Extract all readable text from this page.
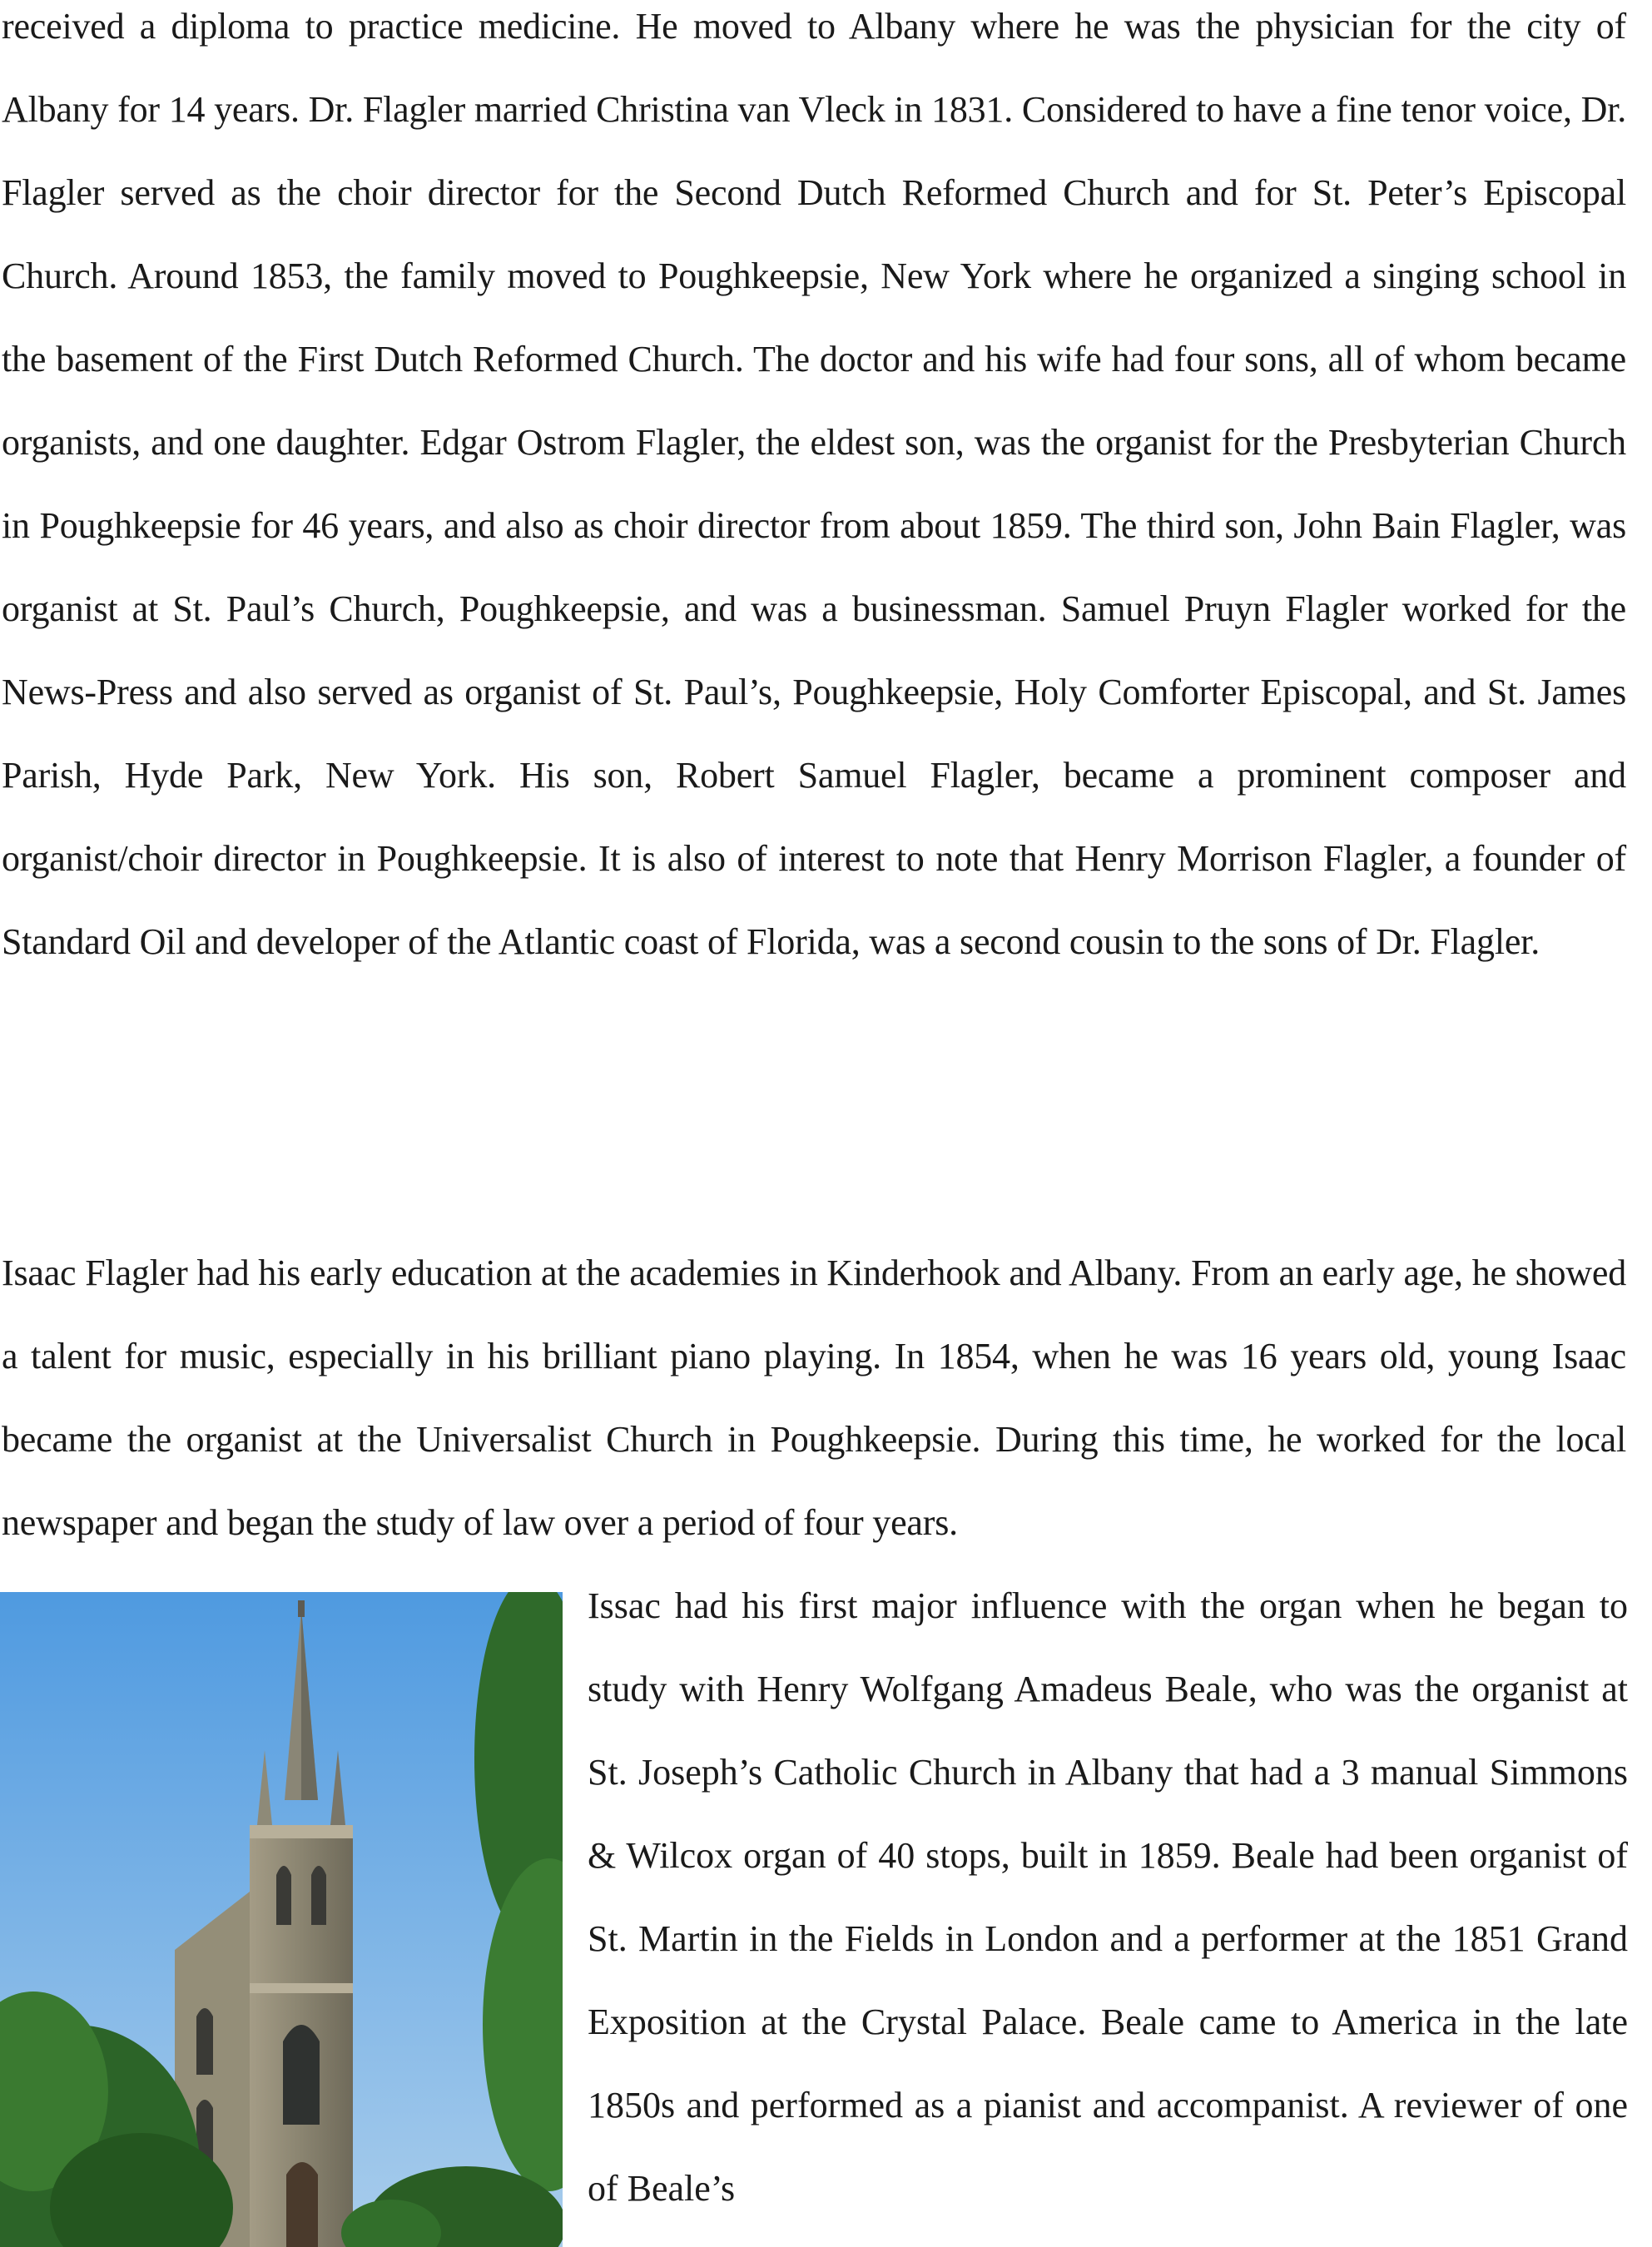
received a diploma to practice medicine. He moved to Albany where he was the physician for the city of Albany for 14 years. Dr. Flagler married Christina van Vleck in 1831. Considered to have a fine tenor voice, Dr. Flagler served as the choir director for the Second Dutch Reformed Church and for St. Peter’s Episcopal Church. Around 1853, the family moved to Poughkeepsie, New York where he organized a singing school in the basement of the First Dutch Reformed Church. The doctor and his wife had four sons, all of whom became organists, and one daughter. Edgar Ostrom Flagler, the eldest son, was the organist for the Presbyterian Church in Poughkeepsie for 46 years, and also as choir director from about 1859. The third son, John Bain Flagler, was organist at St. Paul’s Church, Poughkeepsie, and was a businessman. Samuel Pruyn Flagler worked for the News-Press and also served as organist of St. Paul’s, Poughkeepsie, Holy Comforter Episcopal, and St. James Parish, Hyde Park, New York. His son, Robert Samuel Flagler, became a prominent composer and organist/choir director in Poughkeepsie. It is also of interest to note that Henry Morrison Flagler, a founder of Standard Oil and developer of the Atlantic coast of Florida, was a second cousin to the sons of Dr. Flagler.

Isaac Flagler had his early education at the academies in Kinderhook and Albany. From an early age, he showed a talent for music, especially in his brilliant piano playing. In 1854, when he was 16 years old, young Isaac became the organist at the Universalist Church in Poughkeepsie. During this time, he worked for the local newspaper and began the study of law over a period of four years.

Issac had his first major influence with the organ when he began to study with Henry Wolfgang Amadeus Beale, who was the organist at St. Joseph’s Catholic Church in Albany that had a 3 manual Simmons & Wilcox organ of 40 stops, built in 1859. Beale had been organist of St. Martin in the Fields in London and a performer at the 1851 Grand Exposition at the Crystal Palace. Beale came to America in the late 1850s and performed as a pianist and accompanist. A reviewer of one of Beale’s
